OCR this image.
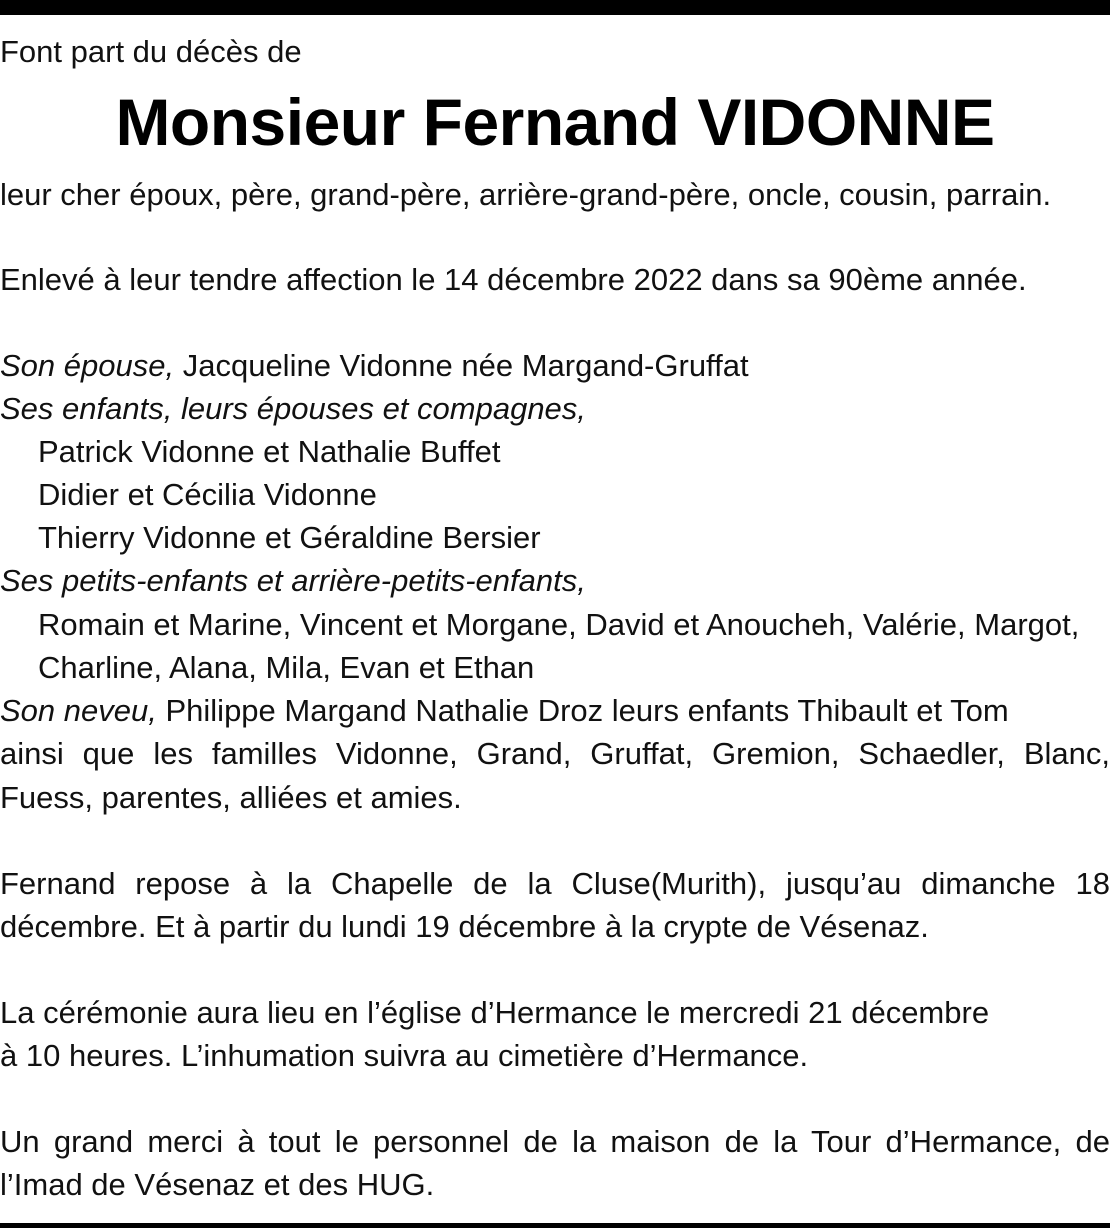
Font part du décès de
Monsieur Fernand VIDONNE
leur cher époux, père, grand-père, arrière-grand-père, oncle, cousin, parrain.
Enlevé à leur tendre affection le 14 décembre 2022 dans sa 90ème année.
Son épouse, Jacqueline Vidonne née Margand-Gruffat
Ses enfants, leurs épouses et compagnes,
Patrick Vidonne et Nathalie Buffet
Didier et Cécilia Vidonne
Thierry Vidonne et Géraldine Bersier
Ses petits-enfants et arrière-petits-enfants,
Romain et Marine, Vincent et Morgane, David et Anoucheh, Valérie, Margot,
Charline, Alana, Mila, Evan et Ethan
Son neveu, Philippe Margand Nathalie Droz leurs enfants Thibault et Tom
ainsi que les familles Vidonne, Grand, Gruffat, Gremion, Schaedler, Blanc,
Fuess, parentes, alliées et amies.
Fernand repose à la Chapelle de la Cluse(Murith), jusqu’au dimanche 18
décembre. Et à partir du lundi 19 décembre à la crypte de Vésenaz.
La cérémonie aura lieu en l’église d’Hermance le mercredi 21 décembre
à 10 heures. L’inhumation suivra au cimetière d’Hermance.
Un grand merci à tout le personnel de la maison de la Tour d’Hermance, de
l’Imad de Vésenaz et des HUG.
